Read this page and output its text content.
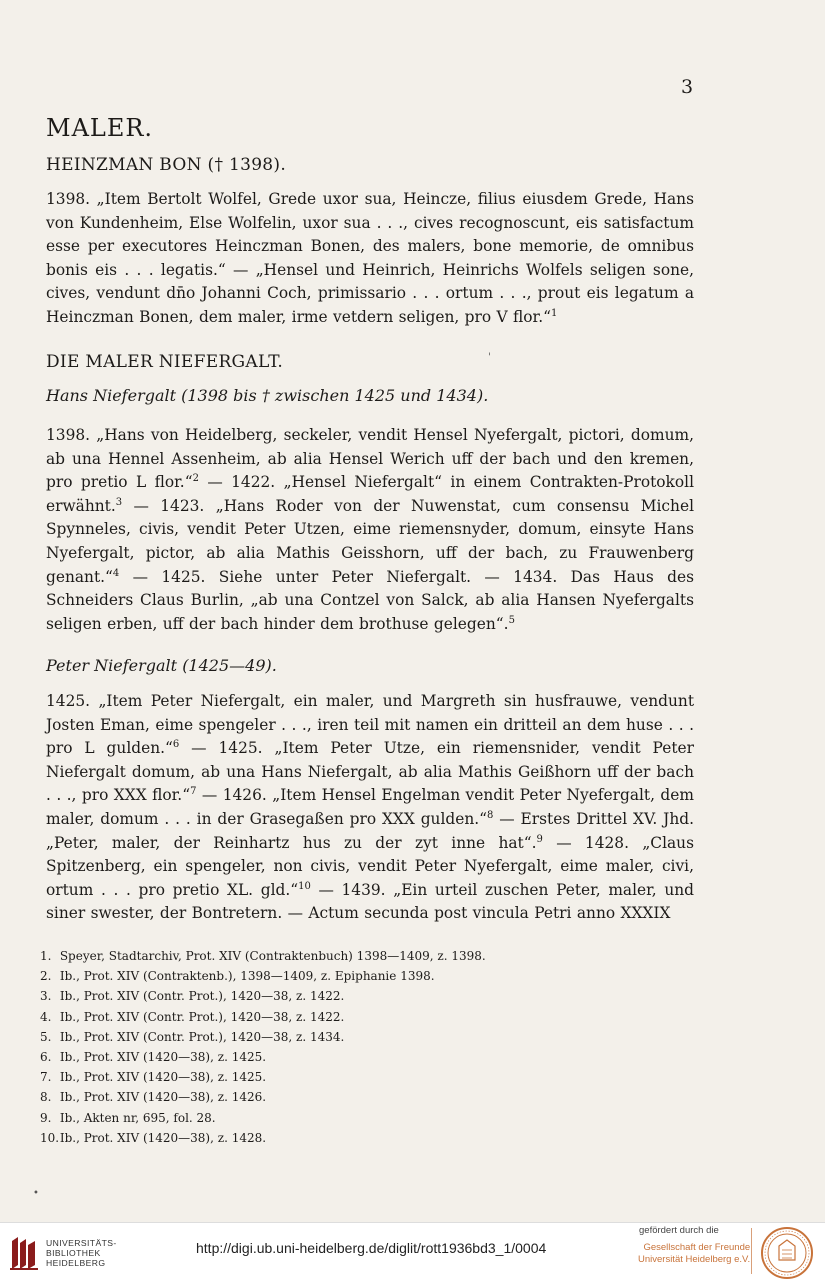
3
MALER.
HEINZMAN BON († 1398).

1398. „Item Bertolt Wolfel, Grede uxor sua, Heincze, filius eiusdem Grede, Hans von Kundenheim, Else Wolfelin, uxor sua . . ., cives recognoscunt, eis satisfactum esse per executores Heinczman Bonen, des malers, bone memorie, de omnibus bonis eis . . . legatis.“ — „Hensel und Heinrich, Heinrichs Wolfels seligen sone, cives, vendunt dn̄o Johanni Coch, primissario . . . ortum . . ., prout eis legatum a Heinczman Bonen, dem maler, irme vetdern seligen, pro V flor.“$^1$

DIE MALER NIEFERGALT.	'
Hans Niefergalt (1398 bis † zwischen 1425 und 1434).

1398. „Hans von Heidelberg, seckeler, vendit Hensel Nyefergalt, pictori, domum, ab una Hennel Assenheim, ab alia Hensel Werich uff der bach und den kremen, pro pretio L flor.“$^2$ — 1422. „Hensel Niefergalt“ in einem Contrakten-Protokoll erwähnt.$^3$ — 1423. „Hans Roder von der Nuwenstat, cum consensu Michel Spynneles, civis, vendit Peter Utzen, eime riemensnyder, domum, einsyte Hans Nyefergalt, pictor, ab alia Mathis Geisshorn, uff der bach, zu Frauwenberg genant.“$^4$ — 1425. Siehe unter Peter Niefergalt. — 1434. Das Haus des Schneiders Claus Burlin, „ab una Contzel von Salck, ab alia Hansen Nyefergalts seligen erben, uff der bach hinder dem brothuse gelegen“.$^5$

Peter Niefergalt (1425—49).

1425. „Item Peter Niefergalt, ein maler, und Margreth sin husfrauwe, vendunt Josten Eman, eime spengeler . . ., iren teil mit namen ein dritteil an dem huse . . . pro L gulden.“$^6$ — 1425. „Item Peter Utze, ein riemensnider, vendit Peter Niefergalt domum, ab una Hans Niefergalt, ab alia Mathis Geißhorn uff der bach . . ., pro XXX flor.“$^7$ — 1426. „Item Hensel Engelman vendit Peter Nyefergalt, dem maler, domum . . . in der Grasegaßen pro XXX gulden.“$^8$ — Erstes Drittel XV. Jhd. „Peter, maler, der Reinhartz hus zu der zyt inne hat“.$^9$ — 1428. „Claus Spitzenberg, ein spengeler, non civis, vendit Peter Nyefergalt, eime maler, civi, ortum . . . pro pretio XL. gld.“$^{10}$ — 1439. „Ein urteil zuschen Peter, maler, und siner swester, der Bontretern. — Actum secunda post vincula Petri anno XXXIX

1. Speyer, Stadtarchiv, Prot. XIV (Contraktenbuch) 1398—1409, z. 1398.
2. Ib., Prot. XIV (Contraktenb.), 1398—1409, z. Epiphanie 1398.
3. Ib., Prot. XIV (Contr. Prot.), 1420—38, z. 1422.
4. Ib., Prot. XIV (Contr. Prot.), 1420—38, z. 1422.
5. Ib., Prot. XIV (Contr. Prot.), 1420—38, z. 1434.
6. Ib., Prot. XIV (1420—38), z. 1425.
7. Ib., Prot. XIV (1420—38), z. 1425.
8. Ib., Prot. XIV (1420—38), z. 1426.
9. Ib., Akten nr, 695, fol. 28.
10. Ib., Prot. XIV (1420—38), z. 1428.
•
UNIVERSITÄTS-
BIBLIOTHEK
HEIDELBERG
http://digi.ub.uni-heidelberg.de/diglit/rott1936bd3_1/0004
gefördert durch die
Gesellschaft der Freunde
Universität Heidelberg e.V.
